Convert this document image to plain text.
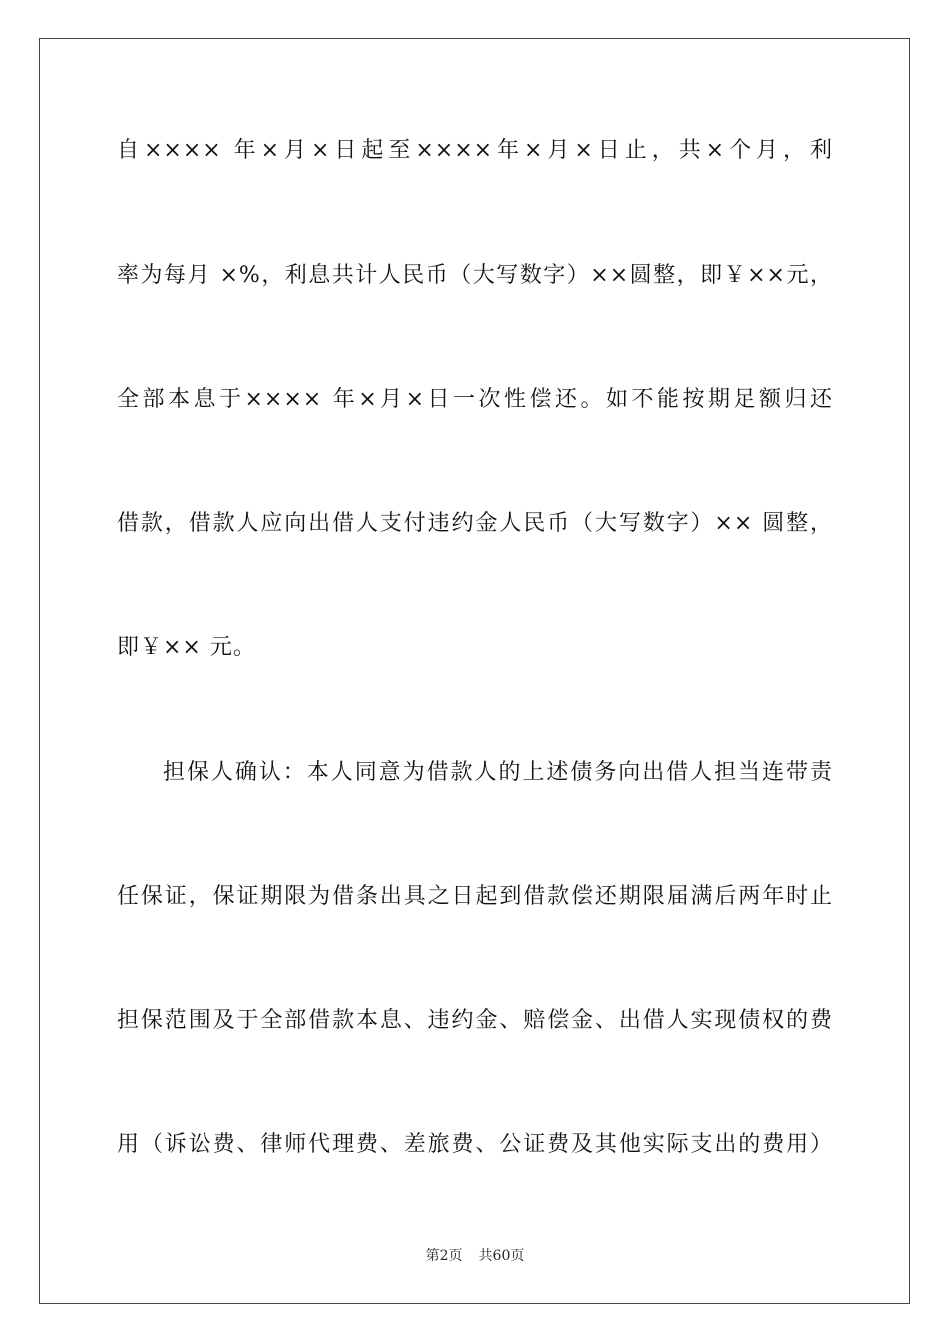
自×××× 年×月×日起至××××年×月×日止，共×个月，利
率为每月 ×%，利息共计人民币（大写数字）××圆整，即￥××元，
全部本息于×××× 年×月×日一次性偿还。如不能按期足额归还
借款，借款人应向出借人支付违约金人民币（大写数字）×× 圆整，
即￥×× 元。
担保人确认：本人同意为借款人的上述债务向出借人担当连带责
任保证，保证期限为借条出具之日起到借款偿还期限届满后两年时止
担保范围及于全部借款本息、违约金、赔偿金、出借人实现债权的费
用（诉讼费、律师代理费、差旅费、公证费及其他实际支出的费用）
第2页 共60页
